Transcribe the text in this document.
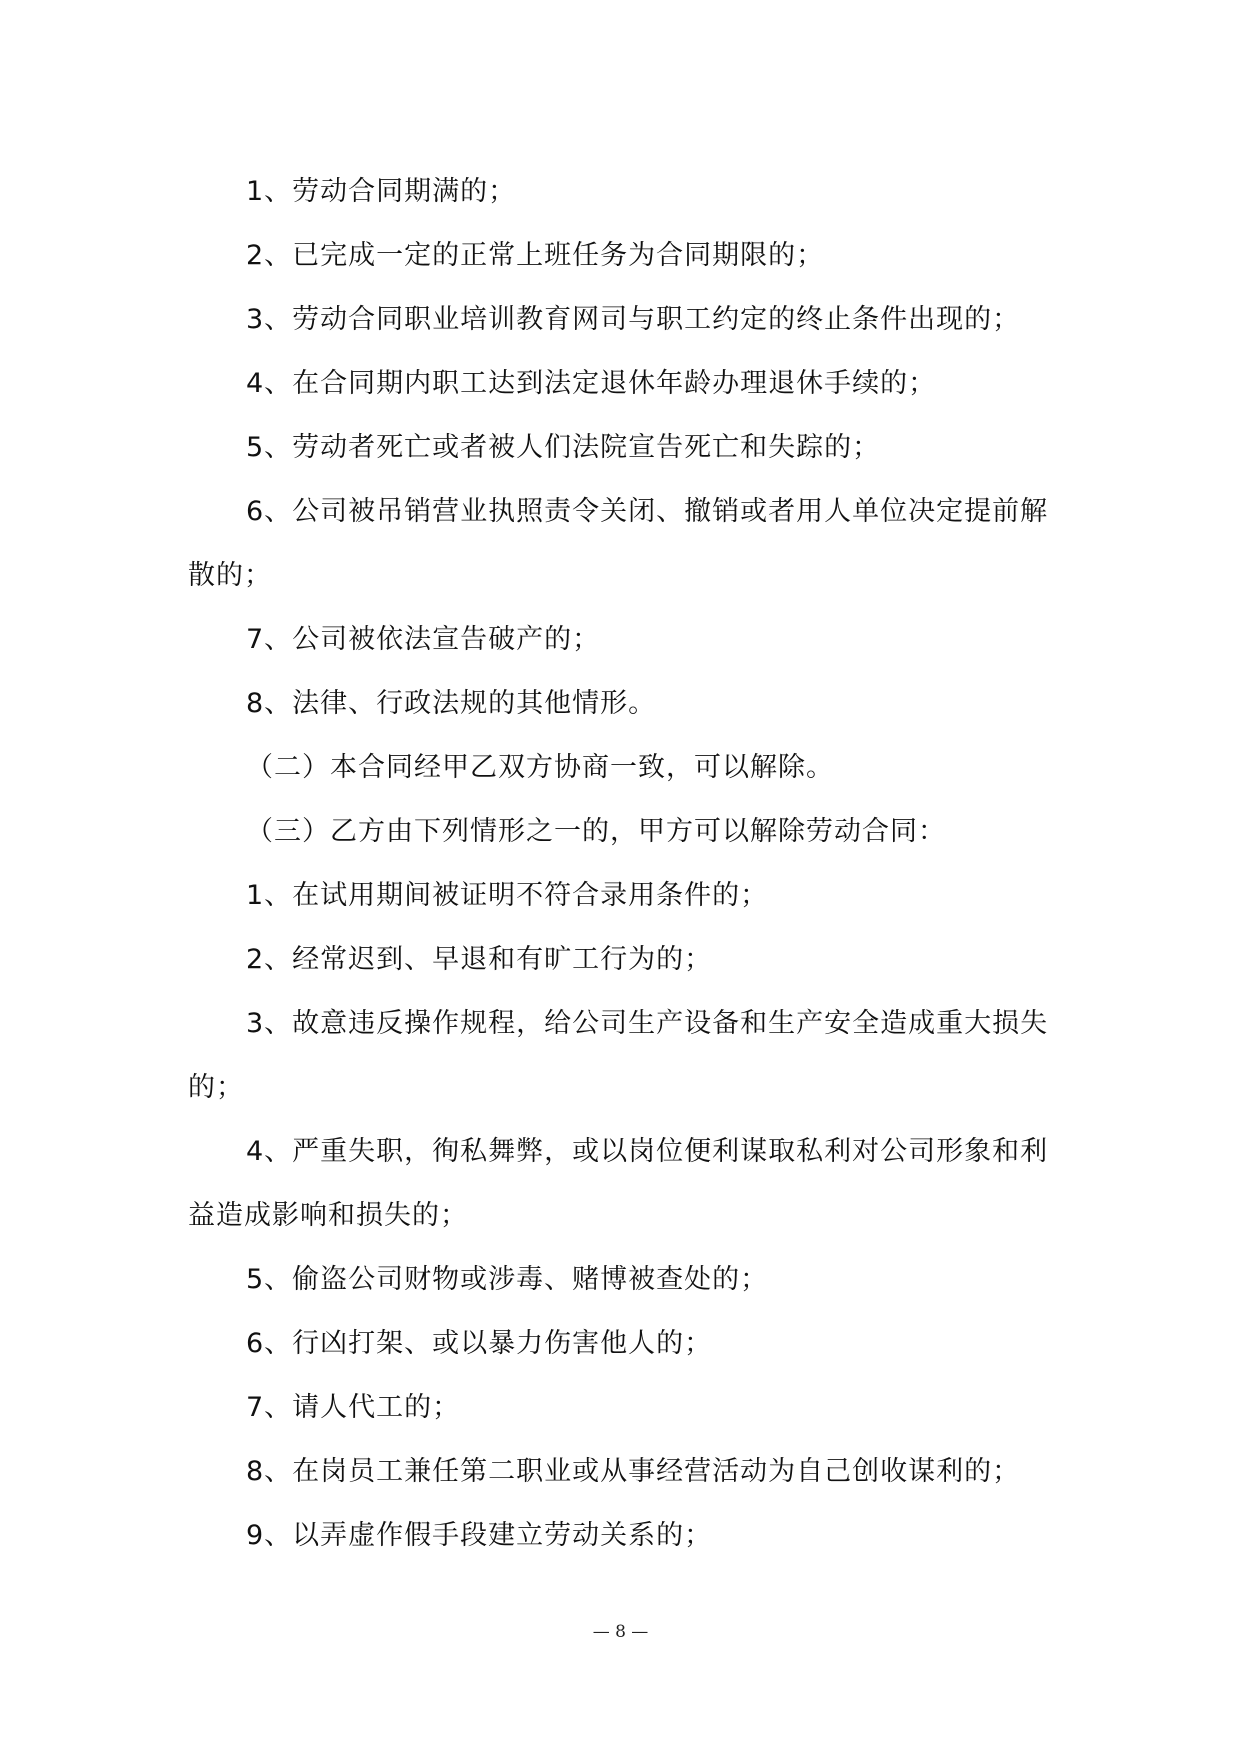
1、劳动合同期满的；

2、已完成一定的正常上班任务为合同期限的；

3、劳动合同职业培训教育网司与职工约定的终止条件出现的；

4、在合同期内职工达到法定退休年龄办理退休手续的；

5、劳动者死亡或者被人们法院宣告死亡和失踪的；

6、公司被吊销营业执照责令关闭、撤销或者用人单位决定提前解散的；

7、公司被依法宣告破产的；

8、法律、行政法规的其他情形。

（二）本合同经甲乙双方协商一致，可以解除。

（三）乙方由下列情形之一的，甲方可以解除劳动合同：

1、在试用期间被证明不符合录用条件的；

2、经常迟到、早退和有旷工行为的；

3、故意违反操作规程，给公司生产设备和生产安全造成重大损失的；

4、严重失职，徇私舞弊，或以岗位便利谋取私利对公司形象和利益造成影响和损失的；

5、偷盗公司财物或涉毒、赌博被查处的；

6、行凶打架、或以暴力伤害他人的；

7、请人代工的；

8、在岗员工兼任第二职业或从事经营活动为自己创收谋利的；

9、以弄虚作假手段建立劳动关系的；

— 8 —
